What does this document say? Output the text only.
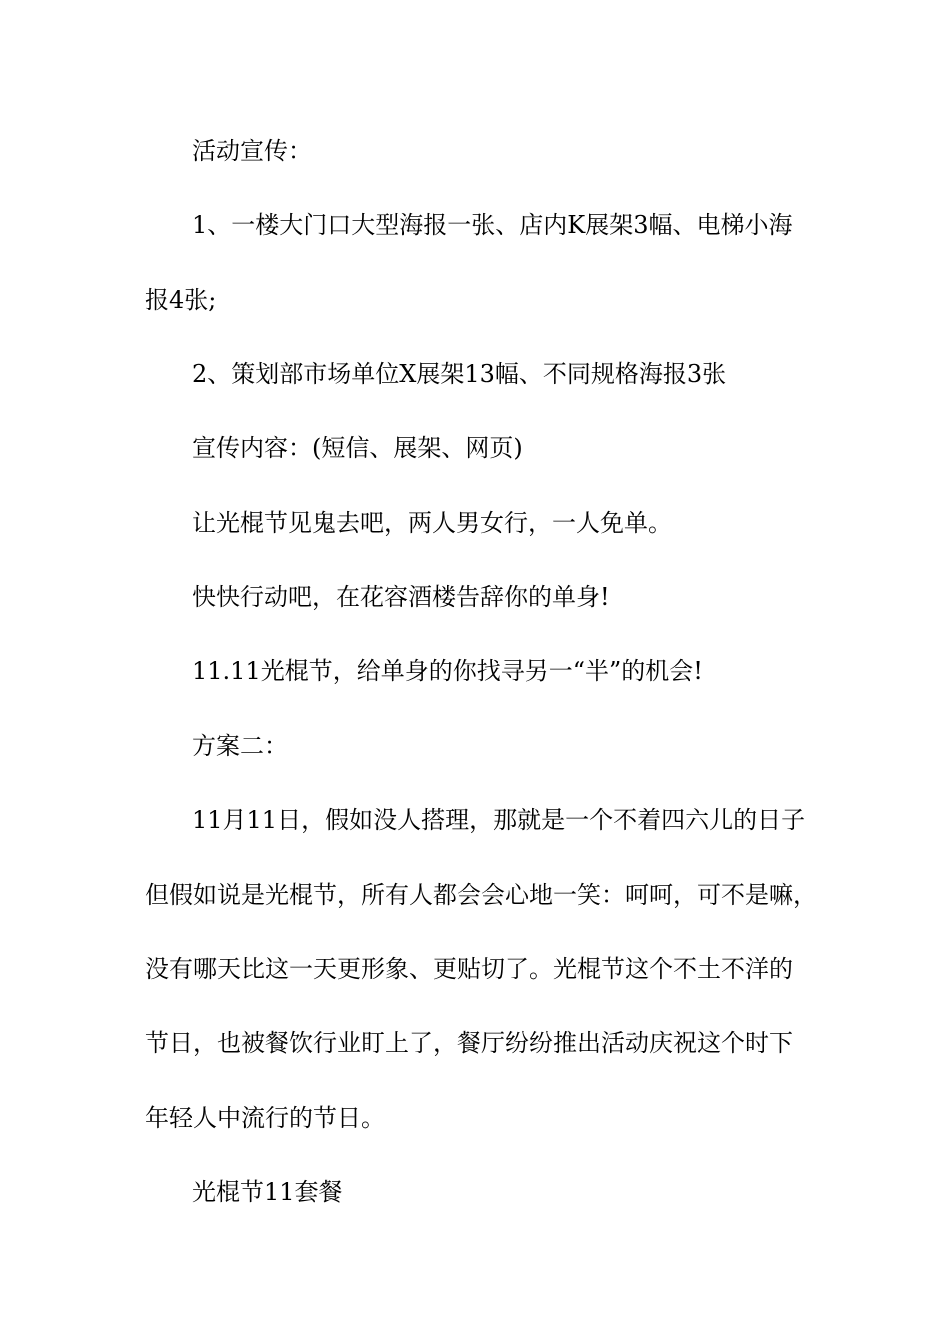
活动宣传：
1、一楼大门口大型海报一张、店内K展架3幅、电梯小海
报4张;
2、策划部市场单位X展架13幅、不同规格海报3张
宣传内容：(短信、展架、网页)
让光棍节见鬼去吧，两人男女行，一人免单。
快快行动吧，在花容酒楼告辞你的单身!
11.11光棍节，给单身的你找寻另一“半”的机会!
方案二：
11月11日，假如没人搭理，那就是一个不着四六儿的日子
但假如说是光棍节，所有人都会会心地一笑：呵呵，可不是嘛，
没有哪天比这一天更形象、更贴切了。光棍节这个不土不洋的
节日，也被餐饮行业盯上了，餐厅纷纷推出活动庆祝这个时下
年轻人中流行的节日。
光棍节11套餐
